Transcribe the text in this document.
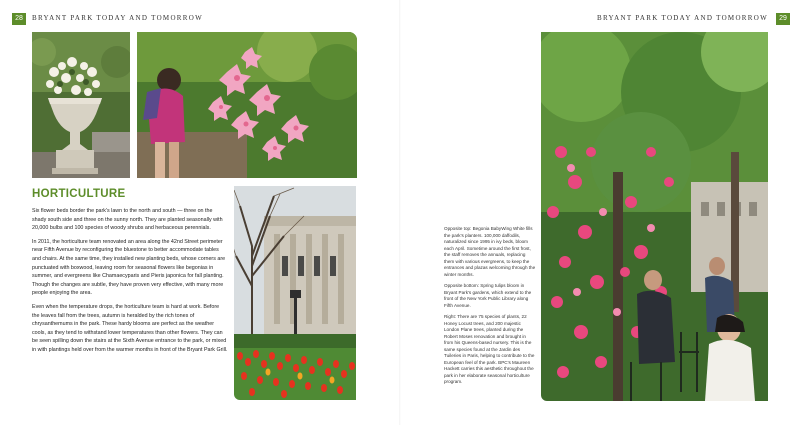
28	BRYANT PARK TODAY AND TOMORROW	BRYANT PARK TODAY AND TOMORROW	29
HORTICULTURE

Six flower beds border the park's lawn to the north and south — three on the shady south side and three on the sunny north. They are planted seasonally with 20,000 bulbs and 100 species of woody shrubs and herbaceous perennials.

In 2011, the horticulture team renovated an area along the 42nd Street perimeter near Fifth Avenue by reconfiguring the bluestone to better accommodate tables and chairs. At the same time, they installed new planting beds, whose corners are punctuated with boxwood, leaving room for seasonal flowers like begonias in summer, and evergreens like Chamaecyparis and Pieris japonica for fall planting. Though the changes are subtle, they have proven very effective, with many more people enjoying the area.

Even when the temperature drops, the horticulture team is hard at work. Before the leaves fall from the trees, autumn is heralded by the rich tones of chrysanthemums in the park. These hardy blooms are perfect as the weather cools, as they tend to withstand lower temperatures than other flowers. They can be seen spilling down the stairs at the Sixth Avenue entrance to the park, or mixed in with plantings held over from the warmer months in front of the Bryant Park Grill.

Opposite top: Begonia BabyWing White fills the park's planters. 100,000 daffodils, naturalized since 1995 in ivy beds, bloom each April. Sometime around the first frost, the staff removes the annuals, replacing them with various evergreens, to keep the entrances and plazas welcoming through the winter months.

Opposite bottom: Spring tulips bloom in Bryant Park's gardens, which extend to the front of the New York Public Library along Fifth Avenue.

Right: There are 75 species of plants, 22 Honey Locust trees, and 200 majestic London Plane trees, planted during the Robert Moses renovation and brought in from his Queens-based nursery. This is the same species found at the Jardin des Tuileries in Paris, helping to contribute to the European feel of the park. BPC's Maureen Hackett carries this aesthetic throughout the park in her elaborate seasonal horticulture program.
